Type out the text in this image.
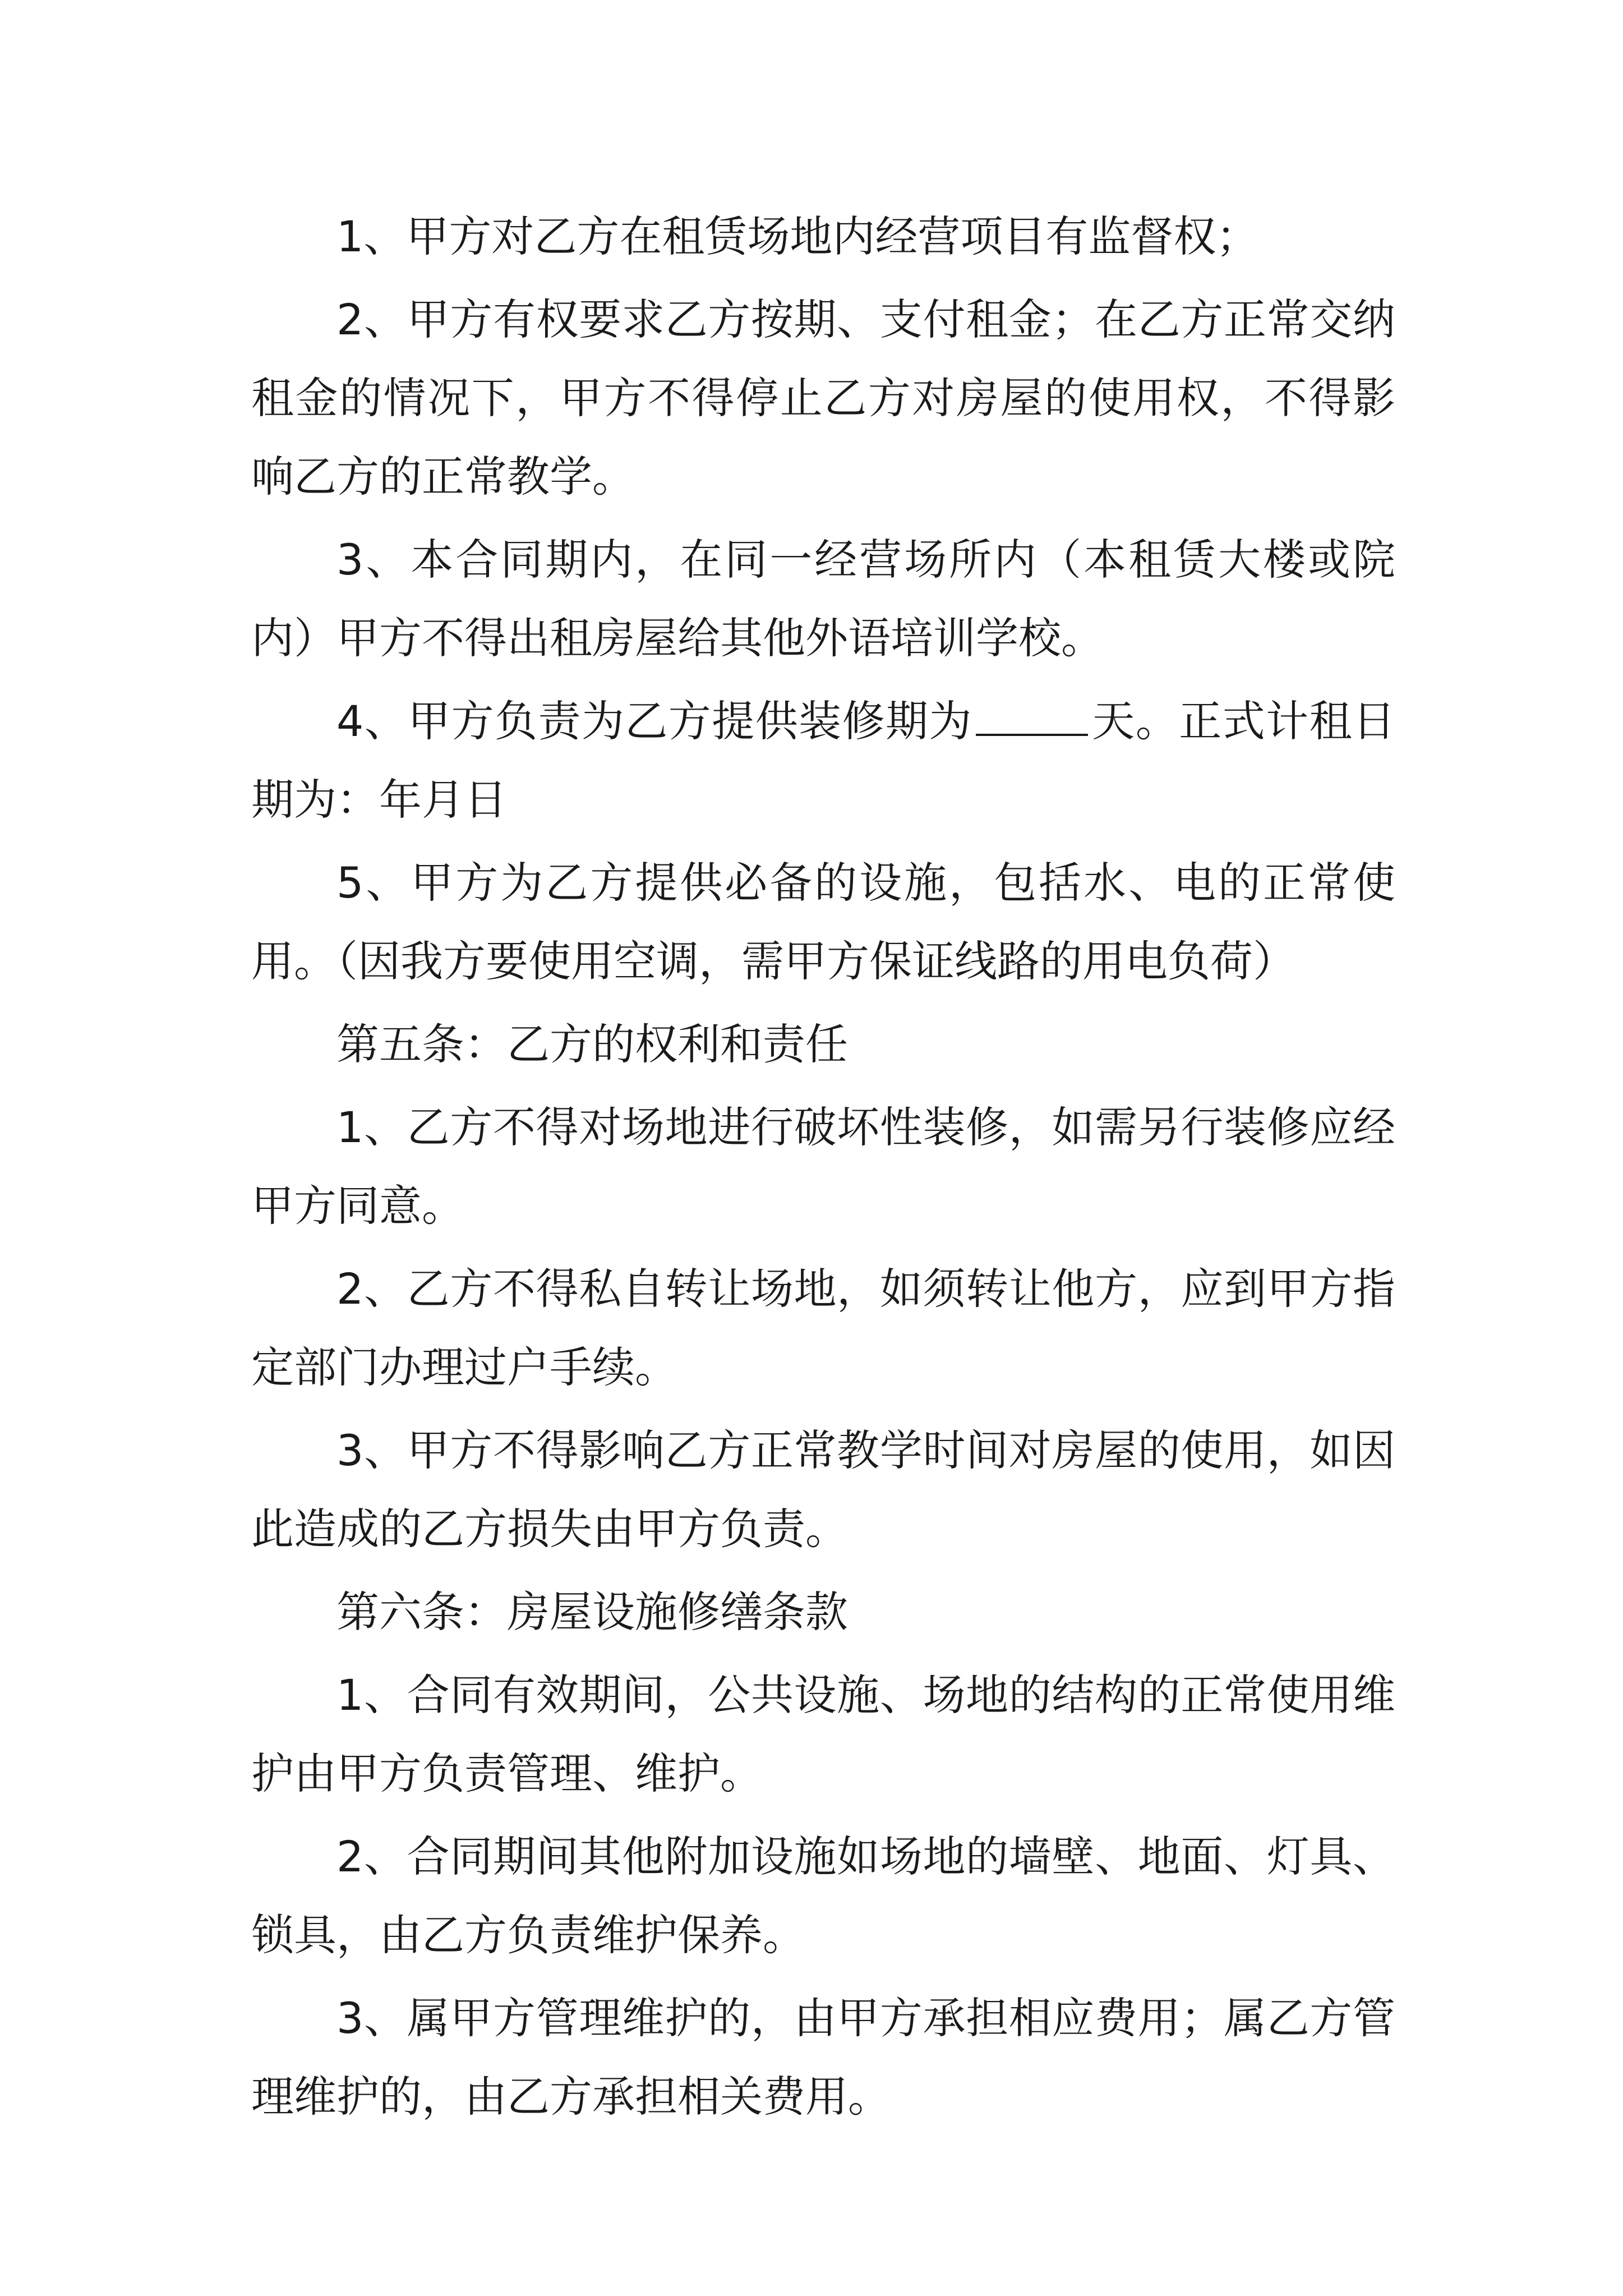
1、甲方对乙方在租赁场地内经营项目有监督权；

2、甲方有权要求乙方按期、支付租金；在乙方正常交纳租金的情况下，甲方不得停止乙方对房屋的使用权，不得影响乙方的正常教学。

3、本合同期内，在同一经营场所内（本租赁大楼或院内）甲方不得出租房屋给其他外语培训学校。

4、甲方负责为乙方提供装修期为	天。正式计租日期为：年月日

5、甲方为乙方提供必备的设施，包括水、电的正常使用。（因我方要使用空调，需甲方保证线路的用电负荷）

第五条：乙方的权利和责任

1、乙方不得对场地进行破坏性装修，如需另行装修应经甲方同意。

2、乙方不得私自转让场地，如须转让他方，应到甲方指定部门办理过户手续。

3、甲方不得影响乙方正常教学时间对房屋的使用，如因此造成的乙方损失由甲方负责。

第六条：房屋设施修缮条款

1、合同有效期间，公共设施、场地的结构的正常使用维护由甲方负责管理、维护。

2、合同期间其他附加设施如场地的墙壁、地面、灯具、锁具，由乙方负责维护保养。

3、属甲方管理维护的，由甲方承担相应费用；属乙方管理维护的，由乙方承担相关费用。
